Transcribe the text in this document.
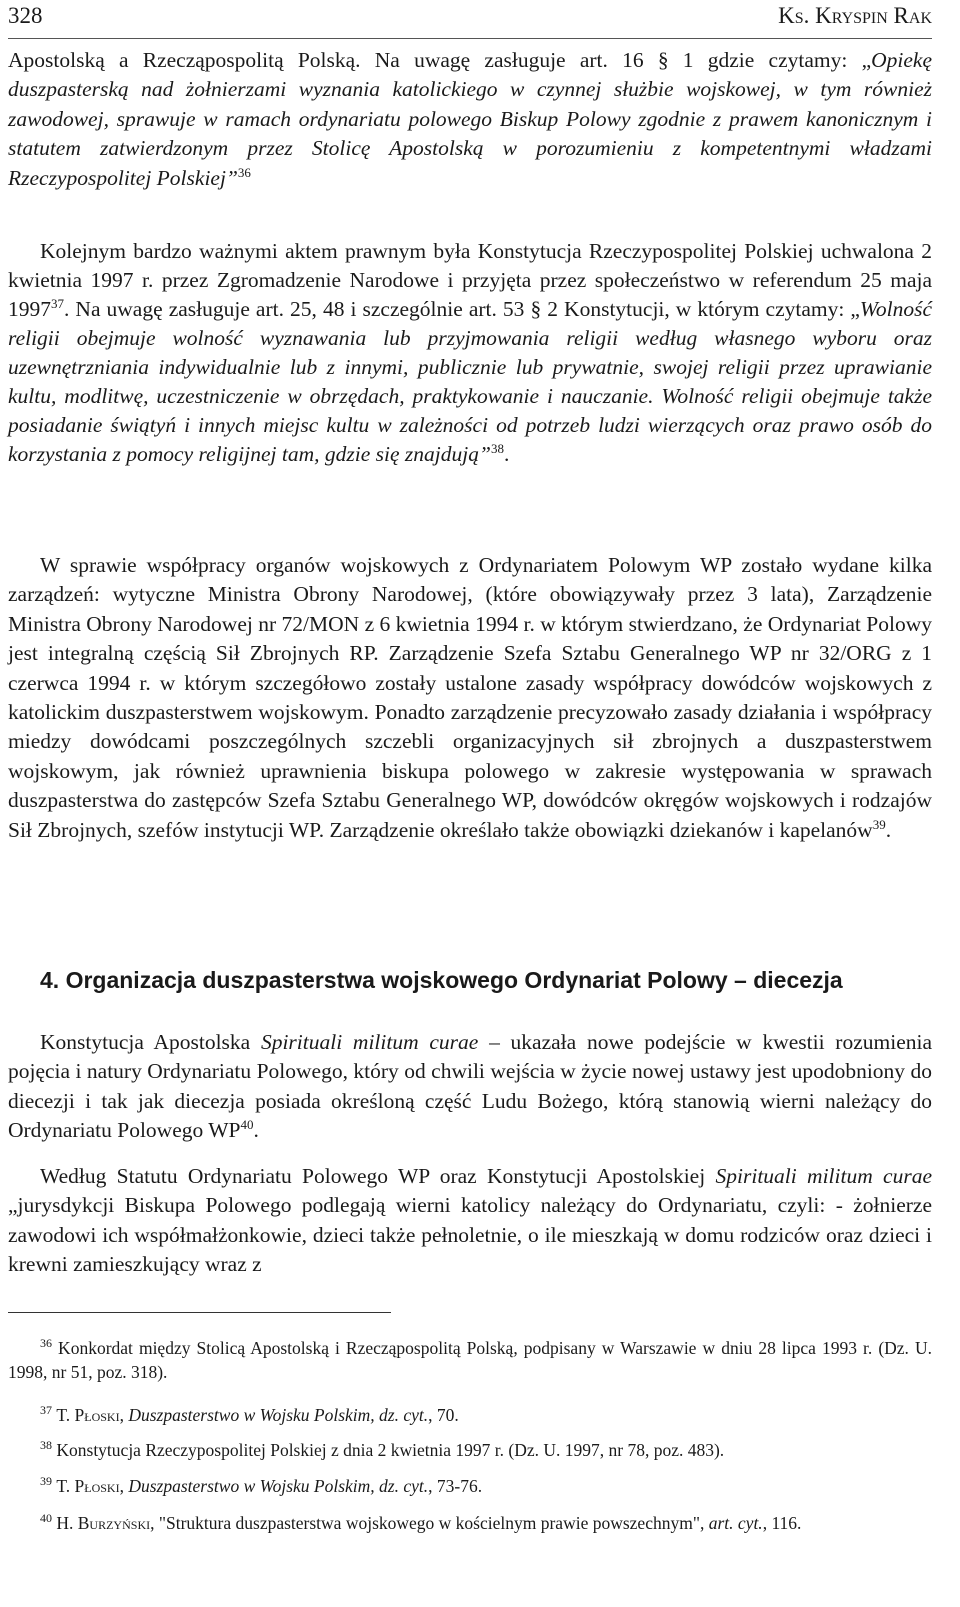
328	Ks. Kryspin Rak

Apostolską a Rzecząpospolitą Polską. Na uwagę zasługuje art. 16 § 1 gdzie czytamy: „Opiekę duszpasterską nad żołnierzami wyznania katolickiego w czynnej służbie wojskowej, w tym również zawodowej, sprawuje w ramach ordynariatu polowego Biskup Polowy zgodnie z prawem kanonicznym i statutem zatwierdzonym przez Stolicę Apostolską w porozumieniu z kompetentnymi władzami Rzeczypospolitej Polskiej”$^{36}$

Kolejnym bardzo ważnymi aktem prawnym była Konstytucja Rzeczypospolitej Polskiej uchwalona 2 kwietnia 1997 r. przez Zgromadzenie Narodowe i przyjęta przez społeczeństwo w referendum 25 maja 1997$^{37}$. Na uwagę zasługuje art. 25, 48 i szczególnie art. 53 § 2 Konstytucji, w którym czytamy: „Wolność religii obejmuje wolność wyznawania lub przyjmowania religii według własnego wyboru oraz uzewnętrzniania indywidualnie lub z innymi, publicznie lub prywatnie, swojej religii przez uprawianie kultu, modlitwę, uczestniczenie w obrzędach, praktykowanie i nauczanie. Wolność religii obejmuje także posiadanie świątyń i innych miejsc kultu w zależności od potrzeb ludzi wierzących oraz prawo osób do korzystania z pomocy religijnej tam, gdzie się znajdują”$^{38}$.

W sprawie współpracy organów wojskowych z Ordynariatem Polowym WP zostało wydane kilka zarządzeń: wytyczne Ministra Obrony Narodowej, (które obowiązywały przez 3 lata), Zarządzenie Ministra Obrony Narodowej nr 72/MON z 6 kwietnia 1994 r. w którym stwierdzano, że Ordynariat Polowy jest integralną częścią Sił Zbrojnych RP. Zarządzenie Szefa Sztabu Generalnego WP nr 32/ORG z 1 czerwca 1994 r. w którym szczegółowo zostały ustalone zasady współpracy dowódców wojskowych z katolickim duszpasterstwem wojskowym. Ponadto zarządzenie precyzowało zasady działania i współpracy miedzy dowódcami poszczególnych szczebli organizacyjnych sił zbrojnych a duszpasterstwem wojskowym, jak również uprawnienia biskupa polowego w zakresie występowania w sprawach duszpasterstwa do zastępców Szefa Sztabu Generalnego WP, dowódców okręgów wojskowych i rodzajów Sił Zbrojnych, szefów instytucji WP. Zarządzenie określało także obowiązki dziekanów i kapelanów$^{39}$.

4. Organizacja duszpasterstwa wojskowego Ordynariat Polowy – diecezja

Konstytucja Apostolska Spirituali militum curae – ukazała nowe podejście w kwestii rozumienia pojęcia i natury Ordynariatu Polowego, który od chwili wejścia w życie nowej ustawy jest upodobniony do diecezji i tak jak diecezja posiada określoną część Ludu Bożego, którą stanowią wierni należący do Ordynariatu Polowego WP$^{40}$.

Według Statutu Ordynariatu Polowego WP oraz Konstytucji Apostolskiej Spirituali militum curae „jurysdykcji Biskupa Polowego podlegają wierni katolicy należący do Ordynariatu, czyli: - żołnierze zawodowi ich współmałżonkowie, dzieci także pełnoletnie, o ile mieszkają w domu rodziców oraz dzieci i krewni zamieszkujący wraz z

$^{36}$ Konkordat między Stolicą Apostolską i Rzecząpospolitą Polską, podpisany w Warszawie w dniu 28 lipca 1993 r. (Dz. U. 1998, nr 51, poz. 318).

$^{37}$ T. Płoski, Duszpasterstwo w Wojsku Polskim, dz. cyt., 70.

$^{38}$ Konstytucja Rzeczypospolitej Polskiej z dnia 2 kwietnia 1997 r. (Dz. U. 1997, nr 78, poz. 483).

$^{39}$ T. Płoski, Duszpasterstwo w Wojsku Polskim, dz. cyt., 73-76.

$^{40}$ H. Burzyński, "Struktura duszpasterstwa wojskowego w kościelnym prawie powszechnym", art. cyt., 116.
